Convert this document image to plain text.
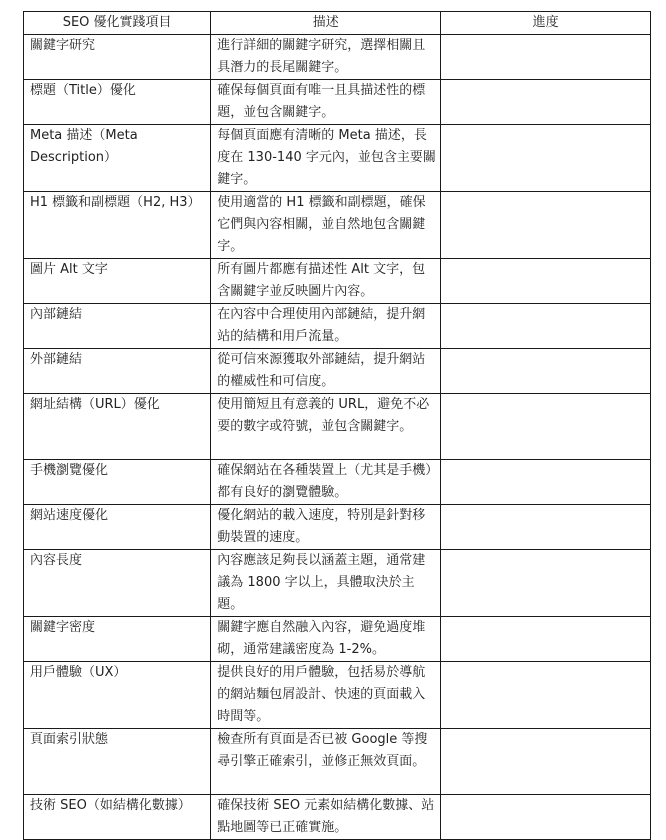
SEO 優化實踐項目	描述	進度
關鍵字研究	進行詳細的關鍵字研究，選擇相關且具潛力的長尾關鍵字。	
標題（Title）優化	確保每個頁面有唯一且具描述性的標題，並包含關鍵字。	
Meta 描述（Meta Description）	每個頁面應有清晰的 Meta 描述，長度在 130-140 字元內，並包含主要關鍵字。	
H1 標籤和副標題（H2, H3）	使用適當的 H1 標籤和副標題，確保它們與內容相關，並自然地包含關鍵字。	
圖片 Alt 文字	所有圖片都應有描述性 Alt 文字，包含關鍵字並反映圖片內容。	
內部鏈結	在內容中合理使用內部鏈結，提升網站的結構和用戶流量。	
外部鏈結	從可信來源獲取外部鏈結，提升網站的權威性和可信度。	
網址結構（URL）優化	使用簡短且有意義的 URL，避免不必要的數字或符號，並包含關鍵字。	
手機瀏覽優化	確保網站在各種裝置上（尤其是手機）都有良好的瀏覽體驗。	
網站速度優化	優化網站的載入速度，特別是針對移動裝置的速度。	
內容長度	內容應該足夠長以涵蓋主題，通常建議為 1800 字以上，具體取決於主題。	
關鍵字密度	關鍵字應自然融入內容，避免過度堆砌，通常建議密度為 1-2%。	
用戶體驗（UX）	提供良好的用戶體驗，包括易於導航的網站麵包屑設計、快速的頁面載入時間等。	
頁面索引狀態	檢查所有頁面是否已被 Google 等搜尋引擎正確索引，並修正無效頁面。	
技術 SEO（如結構化數據）	確保技術 SEO 元素如結構化數據、站點地圖等已正確實施。	
